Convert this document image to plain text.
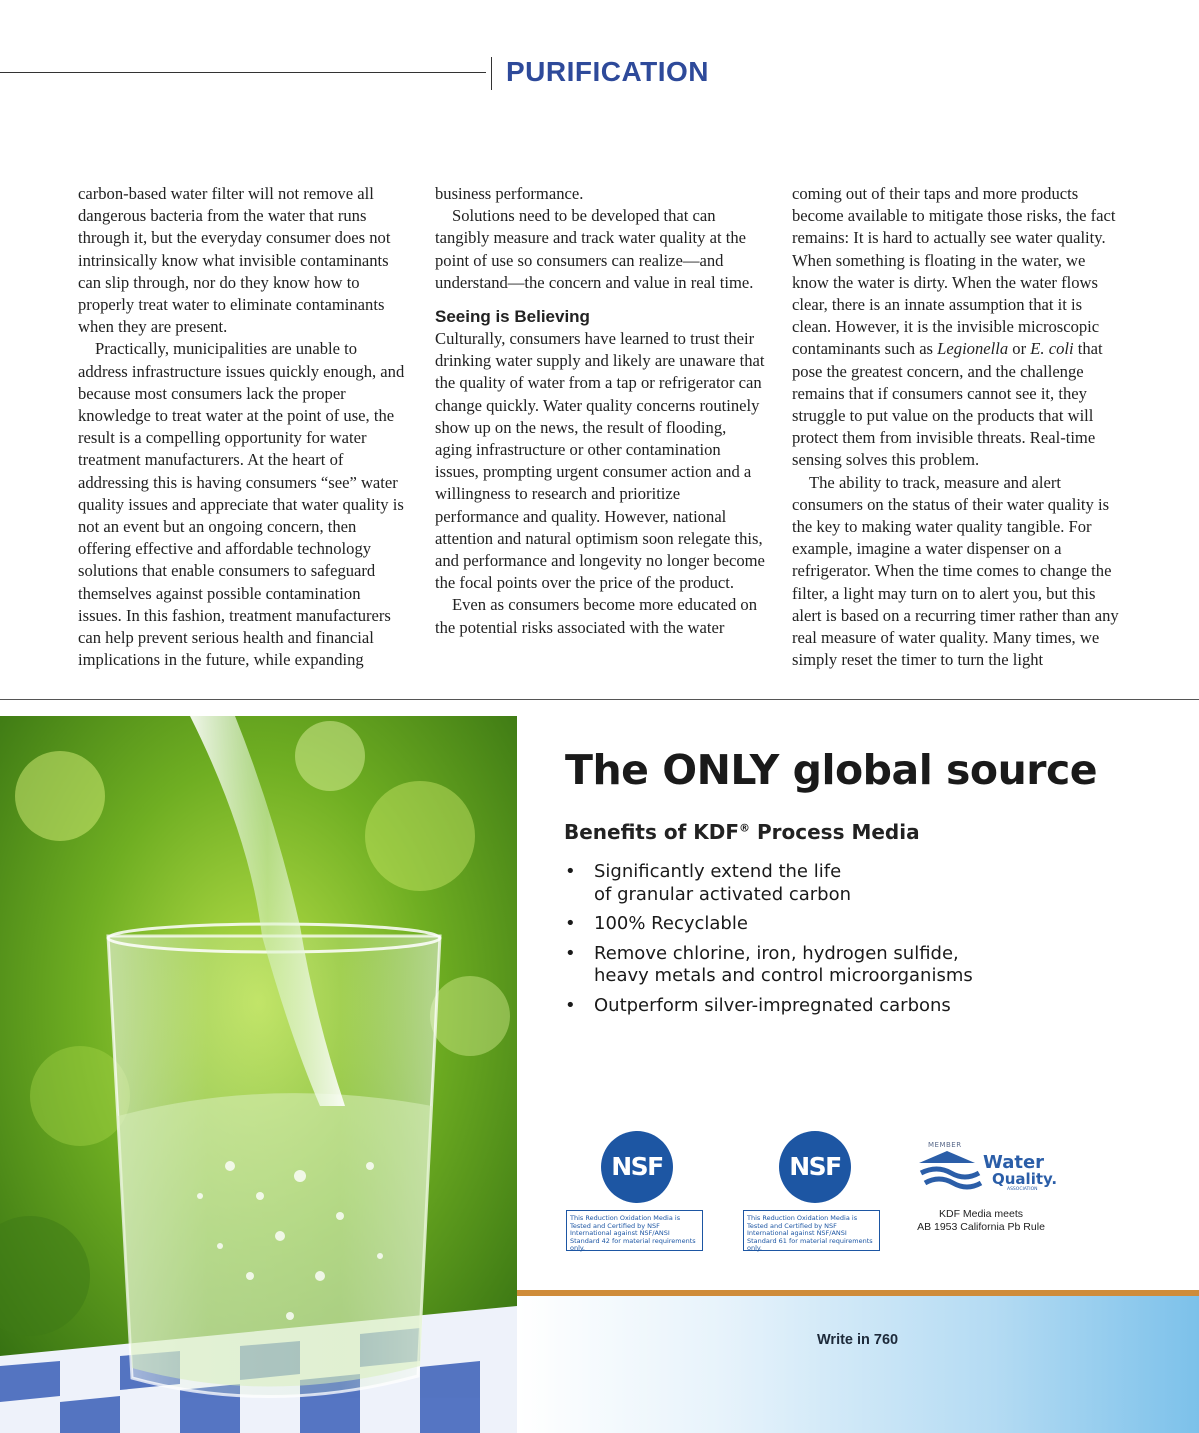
PURIFICATION

carbon-based water filter will not remove all dangerous bacteria from the water that runs through it, but the everyday consumer does not intrinsically know what invisible contaminants can slip through, nor do they know how to properly treat water to eliminate contaminants when they are present.

Practically, municipalities are unable to address infrastructure issues quickly enough, and because most consumers lack the proper knowledge to treat water at the point of use, the result is a compelling opportunity for water treatment manufacturers. At the heart of addressing this is having consumers “see” water quality issues and appreciate that water quality is not an event but an ongoing concern, then offering effective and affordable technology solutions that enable consumers to safeguard themselves against possible contamination issues. In this fashion, treatment manufacturers can help prevent serious health and financial implications in the future, while expanding

business performance.

Solutions need to be developed that can tangibly measure and track water quality at the point of use so consumers can realize—and understand—the concern and value in real time.

Seeing is Believing

Culturally, consumers have learned to trust their drinking water supply and likely are unaware that the quality of water from a tap or refrigerator can change quickly. Water quality concerns routinely show up on the news, the result of flooding, aging infrastructure or other contamination issues, prompting urgent consumer action and a willingness to research and prioritize performance and quality. However, national attention and natural optimism soon relegate this, and performance and longevity no longer become the focal points over the price of the product.

Even as consumers become more educated on the potential risks associated with the water

coming out of their taps and more products become available to mitigate those risks, the fact remains: It is hard to actually see water quality. When something is floating in the water, we know the water is dirty. When the water flows clear, there is an innate assumption that it is clean. However, it is the invisible microscopic contaminants such as Legionella or E. coli that pose the greatest concern, and the challenge remains that if consumers cannot see it, they struggle to put value on the products that will protect them from invisible threats. Real-time sensing solves this problem.

The ability to track, measure and alert consumers on the status of their water quality is the key to making water quality tangible. For example, imagine a water dispenser on a refrigerator. When the time comes to change the filter, a light may turn on to alert you, but this alert is based on a recurring timer rather than any real measure of water quality. Many times, we simply reset the timer to turn the light

The ONLY global source
Benefits of KDF® Process Media
• Significantly extend the life
of granular activated carbon
• 100% Recyclable
• Remove chlorine, iron, hydrogen sulfide,
heavy metals and control microorganisms
• Outperform silver-impregnated carbons
NSF
This Reduction Oxidation Media is Tested and Certified by NSF International against NSF/ANSI Standard 42 for material requirements only.
NSF
This Reduction Oxidation Media is Tested and Certified by NSF International against NSF/ANSI Standard 61 for material requirements only.
MEMBER
Water
Quality.
ASSOCIATION
KDF Media meets
AB 1953 California Pb Rule
Write in 760
